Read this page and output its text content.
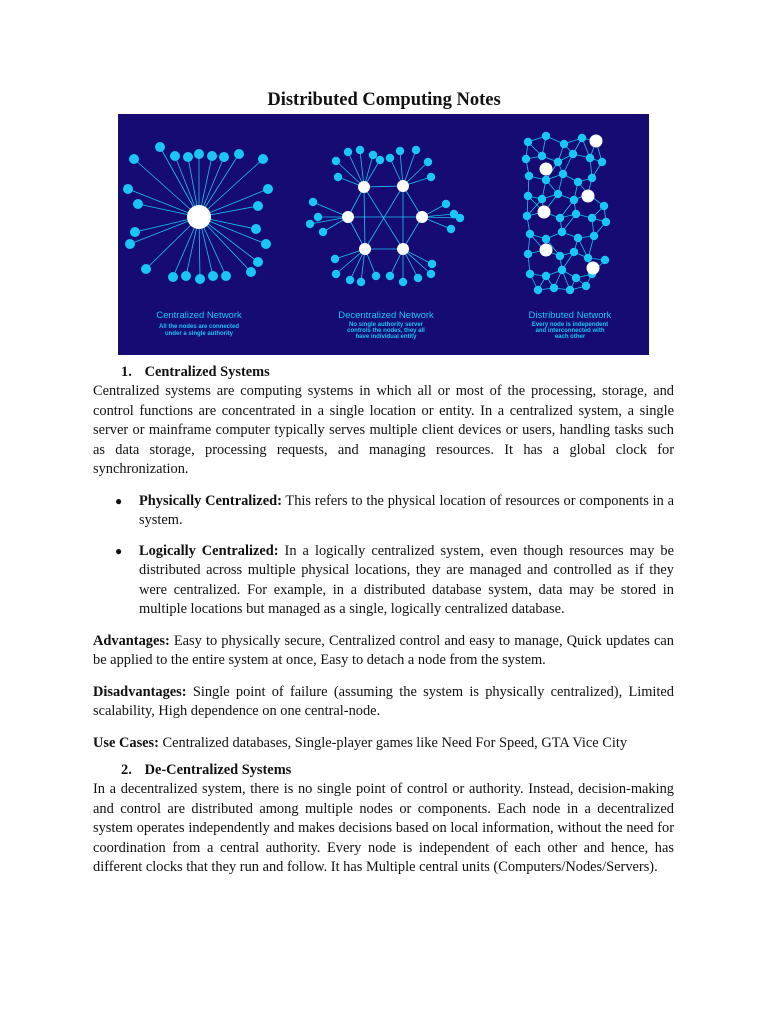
Distributed Computing Notes
Centralized Network
All the nodes are connected
under a single authority
Decentralized Network
No single authority server
controls the nodes, they all
have individual entity
Distributed Network
Every node is independent
and interconnected with
each other
1. Centralized Systems

Centralized systems are computing systems in which all or most of the processing, storage, and control functions are concentrated in a single location or entity. In a centralized system, a single server or mainframe computer typically serves multiple client devices or users, handling tasks such as data storage, processing requests, and managing resources. It has a global clock for synchronization.

● Physically Centralized: This refers to the physical location of resources or components in a system.
● Logically Centralized: In a logically centralized system, even though resources may be distributed across multiple physical locations, they are managed and controlled as if they were centralized. For example, in a distributed database system, data may be stored in multiple locations but managed as a single, logically centralized database.

Advantages: Easy to physically secure, Centralized control and easy to manage, Quick updates can be applied to the entire system at once, Easy to detach a node from the system.

Disadvantages: Single point of failure (assuming the system is physically centralized), Limited scalability, High dependence on one central-node.

Use Cases: Centralized databases, Single-player games like Need For Speed, GTA Vice City

2. De-Centralized Systems

In a decentralized system, there is no single point of control or authority. Instead, decision-making and control are distributed among multiple nodes or components. Each node in a decentralized system operates independently and makes decisions based on local information, without the need for coordination from a central authority. Every node is independent of each other and hence, has different clocks that they run and follow. It has Multiple central units (Computers/Nodes/Servers).
